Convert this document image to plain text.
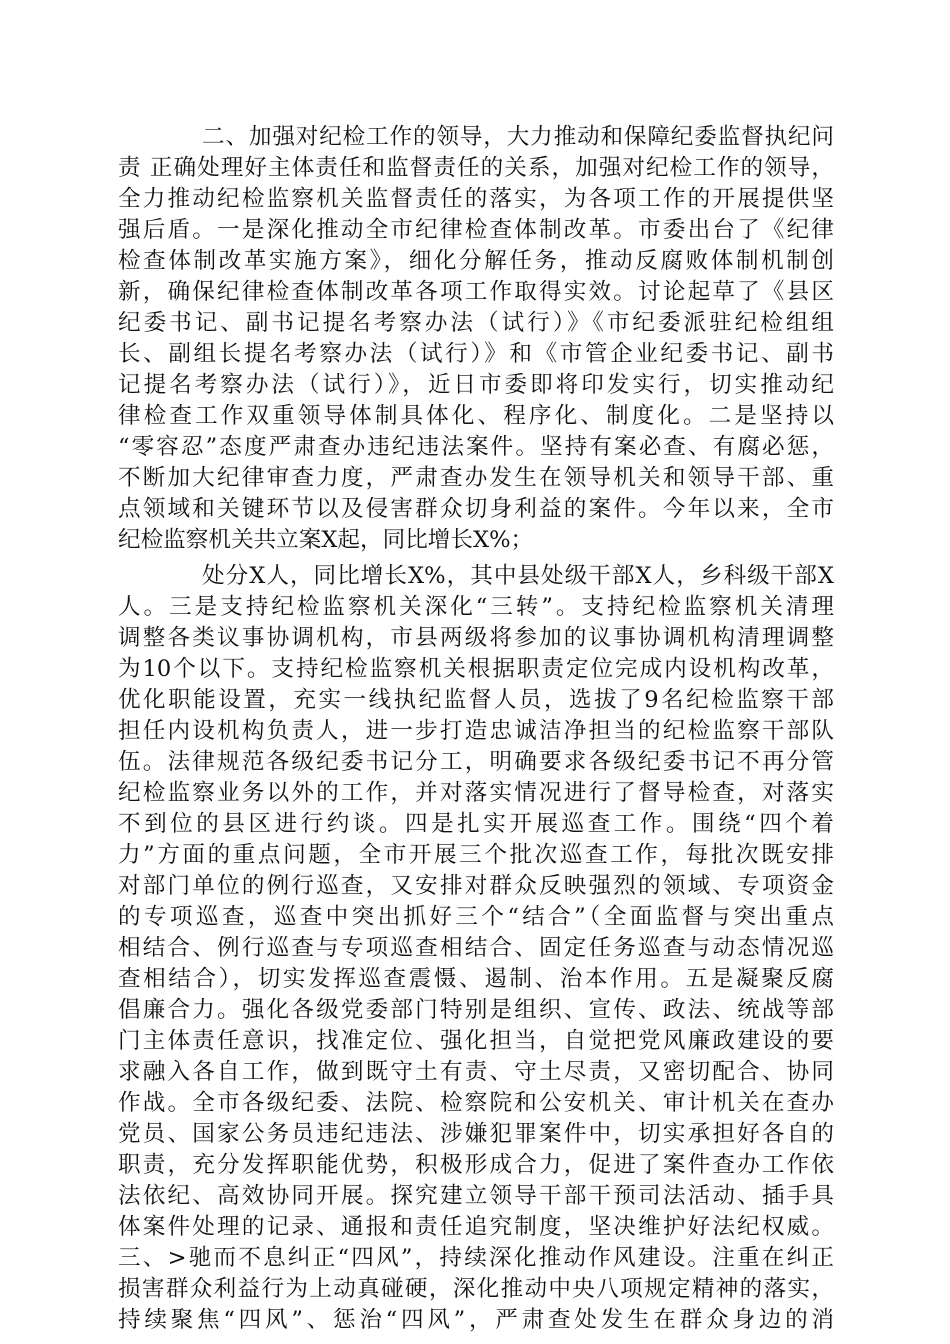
二、加强对纪检工作的领导，大力推动和保障纪委监督执纪问
责 正确处理好主体责任和监督责任的关系，加强对纪检工作的领导，
全力推动纪检监察机关监督责任的落实，为各项工作的开展提供坚
强后盾。一是深化推动全市纪律检查体制改革。市委出台了《纪律
检查体制改革实施方案》，细化分解任务，推动反腐败体制机制创
新，确保纪律检查体制改革各项工作取得实效。讨论起草了《县区
纪委书记、副书记提名考察办法（试行）》《市纪委派驻纪检组组
长、副组长提名考察办法（试行）》和《市管企业纪委书记、副书
记提名考察办法（试行）》，近日市委即将印发实行，切实推动纪
律检查工作双重领导体制具体化、程序化、制度化。二是坚持以
“零容忍”态度严肃查办违纪违法案件。坚持有案必查、有腐必惩，
不断加大纪律审查力度，严肃查办发生在领导机关和领导干部、重
点领域和关键环节以及侵害群众切身利益的案件。今年以来，全市
纪检监察机关共立案X起，同比增长X%；
处分X人，同比增长X%，其中县处级干部X人，乡科级干部X
人。三是支持纪检监察机关深化“三转”。支持纪检监察机关清理
调整各类议事协调机构，市县两级将参加的议事协调机构清理调整
为10个以下。支持纪检监察机关根据职责定位完成内设机构改革，
优化职能设置，充实一线执纪监督人员，选拔了9名纪检监察干部
担任内设机构负责人，进一步打造忠诚洁净担当的纪检监察干部队
伍。法律规范各级纪委书记分工，明确要求各级纪委书记不再分管
纪检监察业务以外的工作，并对落实情况进行了督导检查，对落实
不到位的县区进行约谈。四是扎实开展巡查工作。围绕“四个着
力”方面的重点问题，全市开展三个批次巡查工作，每批次既安排
对部门单位的例行巡查，又安排对群众反映强烈的领域、专项资金
的专项巡查，巡查中突出抓好三个“结合”（全面监督与突出重点
相结合、例行巡查与专项巡查相结合、固定任务巡查与动态情况巡
查相结合），切实发挥巡查震慑、遏制、治本作用。五是凝聚反腐
倡廉合力。强化各级党委部门特别是组织、宣传、政法、统战等部
门主体责任意识，找准定位、强化担当，自觉把党风廉政建设的要
求融入各自工作，做到既守土有责、守土尽责，又密切配合、协同
作战。全市各级纪委、法院、检察院和公安机关、审计机关在查办
党员、国家公务员违纪违法、涉嫌犯罪案件中，切实承担好各自的
职责，充分发挥职能优势，积极形成合力，促进了案件查办工作依
法依纪、高效协同开展。探究建立领导干部干预司法活动、插手具
体案件处理的记录、通报和责任追究制度，坚决维护好法纪权威。
三、>驰而不息纠正“四风”，持续深化推动作风建设。注重在纠正
损害群众利益行为上动真碰硬，深化推动中央八项规定精神的落实，
持续聚焦“四风”、惩治“四风”，严肃查处发生在群众身边的消
